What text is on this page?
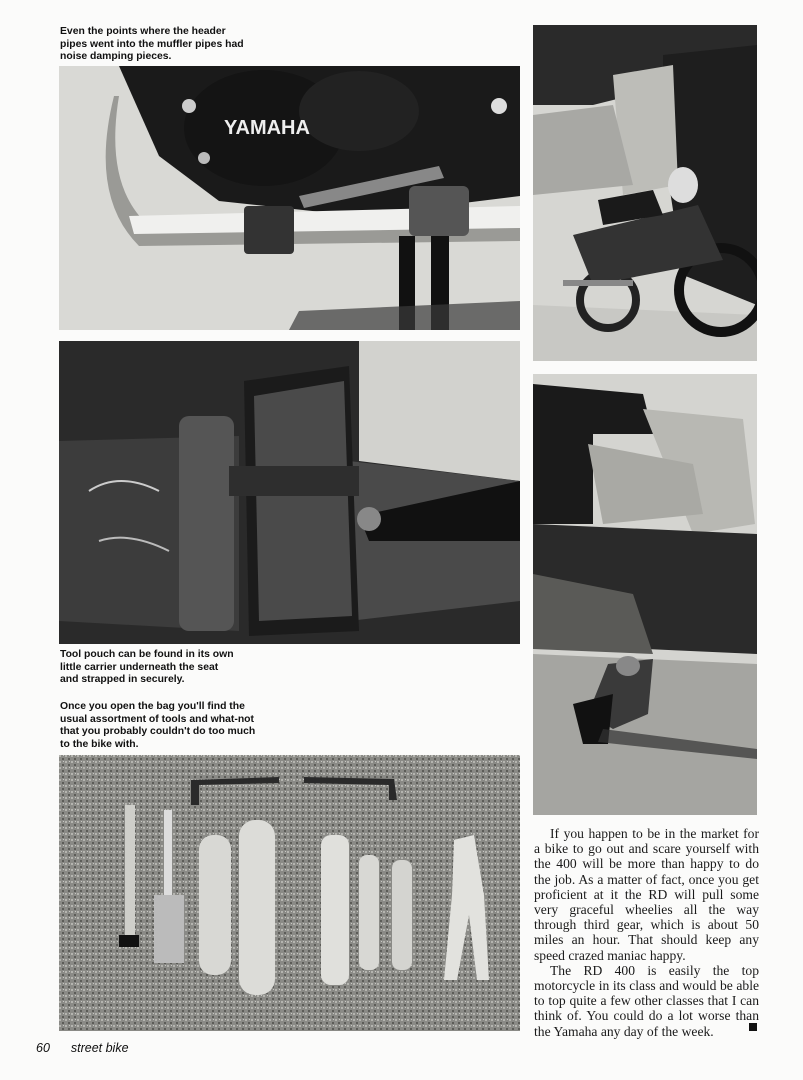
Even the points where the header
pipes went into the muffler pipes had
noise damping pieces.
YAMAHA
Tool pouch can be found in its own
little carrier underneath the seat
and strapped in securely.
Once you open the bag you'll find the
usual assortment of tools and what-not
that you probably couldn't do too much
to the bike with.

If you happen to be in the market for a bike to go out and scare yourself with the 400 will be more than happy to do the job. As a matter of fact, once you get proficient at it the RD will pull some very graceful wheelies all the way through third gear, which is about 50 miles an hour. That should keep any speed crazed maniac happy.

The RD 400 is easily the top motorcycle in its class and would be able to top quite a few other classes that I can think of. You could do a lot worse than the Yamaha any day of the week.

60 street bike
